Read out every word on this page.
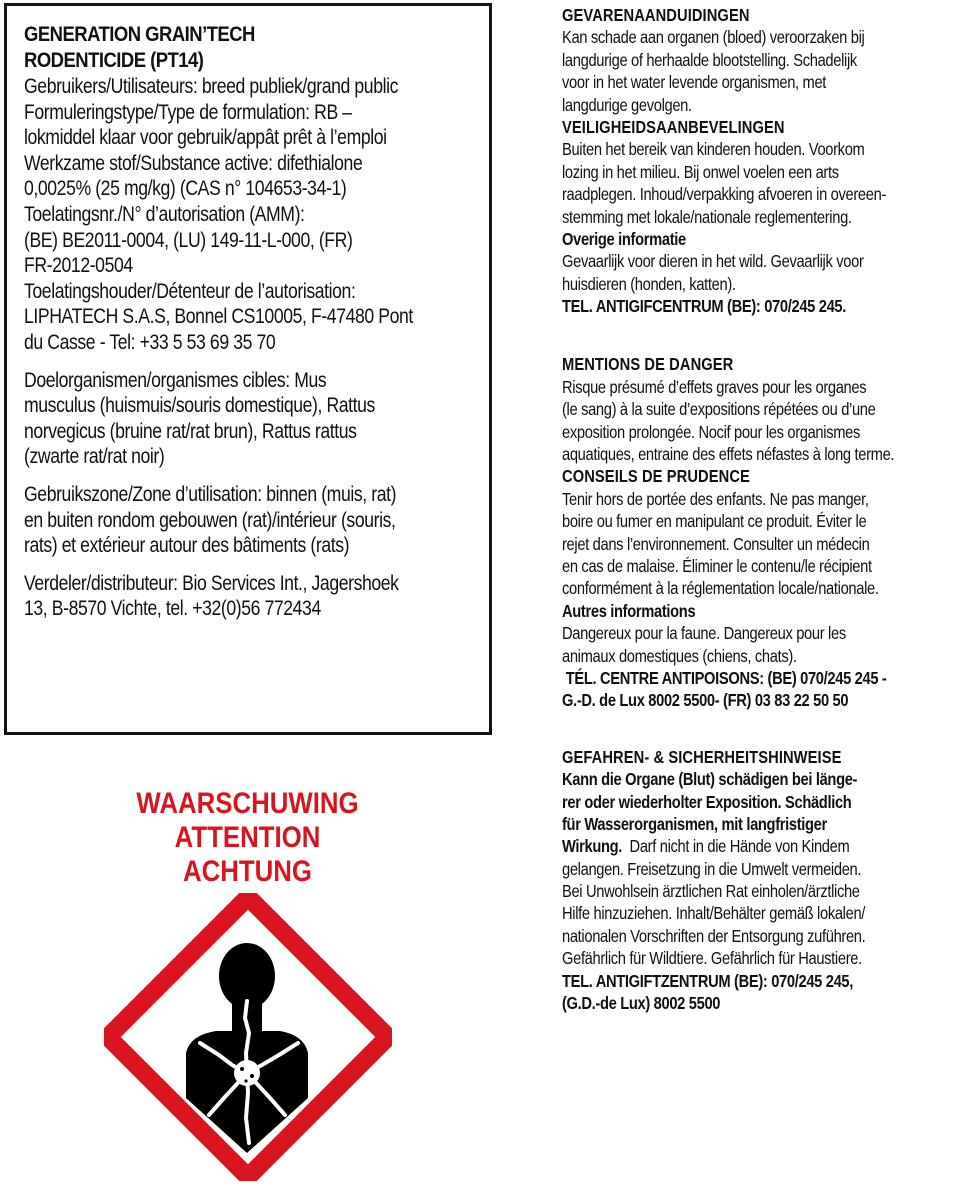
GENERATION GRAIN’TECH
RODENTICIDE (PT14)
Gebruikers/Utilisateurs: breed publiek/grand public
Formuleringstype/Type de formulation: RB –
lokmiddel klaar voor gebruik/appât prêt à l’emploi
Werkzame stof/Substance active: difethialone
0,0025% (25 mg/kg) (CAS n° 104653-34-1)
Toelatingsnr./N° d’autorisation (AMM):
(BE) BE2011-0004, (LU) 149-11-L-000, (FR)
FR-2012-0504
Toelatingshouder/Détenteur de l’autorisation:
LIPHATECH S.A.S, Bonnel CS10005, F-47480 Pont
du Casse - Tel: +33 5 53 69 35 70
Doelorganismen/organismes cibles: Mus
musculus (huismuis/souris domestique), Rattus
norvegicus (bruine rat/rat brun), Rattus rattus
(zwarte rat/rat noir)
Gebruikszone/Zone d’utilisation: binnen (muis, rat)
en buiten rondom gebouwen (rat)/intérieur (souris,
rats) et extérieur autour des bâtiments (rats)
Verdeler/distributeur: Bio Services Int., Jagershoek
13, B-8570 Vichte, tel. +32(0)56 772434
WAARSCHUWING
ATTENTION
ACHTUNG
GEVARENAANDUIDINGEN
Kan schade aan organen (bloed) veroorzaken bij
langdurige of herhaalde blootstelling. Schadelijk
voor in het water levende organismen, met
langdurige gevolgen.
VEILIGHEIDSAANBEVELINGEN
Buiten het bereik van kinderen houden. Voorkom
lozing in het milieu. Bij onwel voelen een arts
raadplegen. Inhoud/verpakking afvoeren in overeen-
stemming met lokale/nationale reglementering.
Overige informatie
Gevaarlijk voor dieren in het wild. Gevaarlijk voor
huisdieren (honden, katten).
TEL. ANTIGIFCENTRUM (BE): 070/245 245.
MENTIONS DE DANGER
Risque présumé d’effets graves pour les organes
(le sang) à la suite d’expositions répétées ou d’une
exposition prolongée. Nocif pour les organismes
aquatiques, entraine des effets néfastes à long terme.
CONSEILS DE PRUDENCE
Tenir hors de portée des enfants. Ne pas manger,
boire ou fumer en manipulant ce produit. Éviter le
rejet dans l’environnement. Consulter un médecin
en cas de malaise. Éliminer le contenu/le récipient
conformément à la réglementation locale/nationale.
Autres informations
Dangereux pour la faune. Dangereux pour les
animaux domestiques (chiens, chats).
TÉL. CENTRE ANTIPOISONS: (BE) 070/245 245 -
G.-D. de Lux 8002 5500- (FR) 03 83 22 50 50
GEFAHREN- & SICHERHEITSHINWEISE
Kann die Organe (Blut) schädigen bei länge-
rer oder wiederholter Exposition. Schädlich
für Wasserorganismen, mit langfristiger
Wirkung.  Darf nicht in die Hände von Kindem
gelangen. Freisetzung in die Umwelt vermeiden.
Bei Unwohlsein ärztlichen Rat einholen/ärztliche
Hilfe hinzuziehen. Inhalt/Behälter gemäß lokalen/
nationalen Vorschriften der Entsorgung zuführen.
Gefährlich für Wildtiere. Gefährlich für Haustiere.
TEL. ANTIGIFTZENTRUM (BE): 070/245 245,
(G.D.-de Lux) 8002 5500
